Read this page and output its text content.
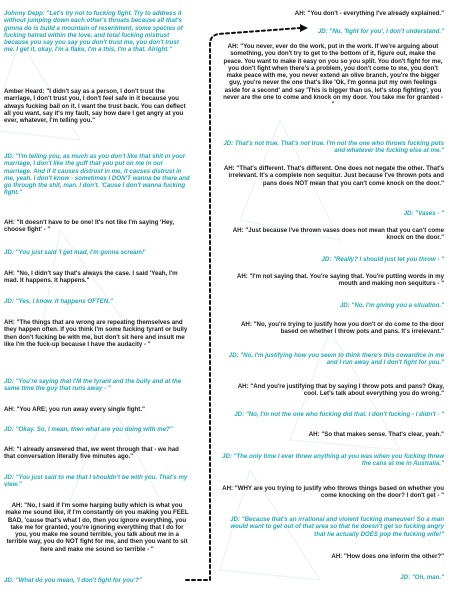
Johnny Depp: "Let's try not to fucking fight. Try to address it without jumping down each other's throats because all that's gonna do is build a mountain of resentment, some species of fucking hatred within the love, and total fucking mistrust because you say you say you don't trust me, you don't trust me. I get it, okay, I'm a flake, I'm a this, I'm a that. Alright."

Amber Heard: "I didn't say as a person, I don't trust the marriage, I don't trust you, I don't feel safe in it because you always fucking bail on it. I want the trust back. You can deflect all you want, say it's my fault, say how dare I get angry at you ever, whatever, I'm telling you."

JD: "I'm telling you, as much as you don't like that shit in your marriage, I don't like the guff that you put on me in our marriage. And if it causes distrust in me, it causes distrust in me, yeah. I don't know - sometimes I DON'T wanna be there and go through the shit, man. I don't. 'Cause I don't wanna fucking fight."

AH: "It doesn't have to be one! It's not like I'm saying 'Hey, choose fight' - "

JD: "You just said 'I get mad, I'm gonna scream!'

AH: "No, I didn't say that's always the case. I said 'Yeah, I'm mad. It happens. It happens."

JD: "Yes, I know. It happens OFTEN."

AH: "The things that are wrong are repeating themselves and they happen often. If you think I'm some fucking tyrant or bully then don't fucking be with me, but don't sit here and insult me like I'm the fuck-up because I have the audacity - "

JD: "You're saying that I'M the tyrant and the bully and at the same time the guy that runs away - "

AH: "You ARE; you run away every single fight."

JD: "Okay. So, I mean, then what are you doing with me?"

AH: "I already answered that, we went through that - we had that conversation literally five minutes ago."

JD: "You just said to me that I shouldn't be with you. That's my view."

AH: "No, I said if I'm some harping bully which is what you make me sound like, if I'm constantly on you making you FEEL BAD, 'cause that's what I do, then you ignore everything, you take me for granted, you're ignoring everything that I do for you, you make me sound terrible, you talk about me in a terrible way, you do NOT fight for me, and then you want to sit here and make me sound so terrible - "

JD: "What do you mean, 'I don't fight for you'?"

AH: "You don't - everything I've already explained."

JD: "No, 'fight for you', I don't understand."

AH: "You never, ever do the work, put in the work. If we're arguing about something, you don't try to get to the bottom of it, figure out, make the peace. You want to make it easy on you so you split. You don't fight for me, you don't fight when there's a problem, you don't come to me, you don't make peace with me, you never extend an olive branch, you're the bigger guy, you're never the one that's like 'Ok, I'm gonna put my own feelings aside for a second' and say 'This is bigger than us, let's stop fighting', you never are the one to come and knock on my door. You take me for granted - "

JD: That's not true. That's not true. I'm not the one who throws fucking pots and whatever the fucking else at me."

AH: "That's different. That's different. One does not negate the other. That's irrelevant. It's a complete non sequitur. Just because I've thrown pots and pans does NOT mean that you can't come knock on the door."

JD: "Vases - "

AH: "Just because I've thrown vases does not mean that you can't come knock on the door."

JD: "Really? I should just let you throw - "

AH: "I'm not saying that. You're saying that. You're putting words in my mouth and making non sequiturs - "

JD: "No, I'm giving you a situation."

AH: "No, you're trying to justify how you don't or do come to the door based on whether I throw pots and pans. It's irrelevant."

JD: "No, I'm justifying how you seem to think there's this cowardice in me and I run away and I don't fight for you."

AH: "And you're justifying that by saying I throw pots and pans? Okay, cool. Let's talk about everything you do wrong."

JD: "No, I'm not the one who fucking did that. I don't fucking - I didn't - "

AH: "So that makes sense. That's clear, yeah."

JD: "The only time I ever threw anything at you was when you fucking threw the cans at me in Australia."

AH: "WHY are you trying to justify who throws things based on whether you come knocking on the door? I don't get - "

JD: "Because that's an irrational and violent fucking maneuver! So a man would want to get out of that area so that he doesn't get so fucking angry that he actually DOES pop the fucking wife!"

AH: "How does one inform the other?"

JD: "Oh, man."
